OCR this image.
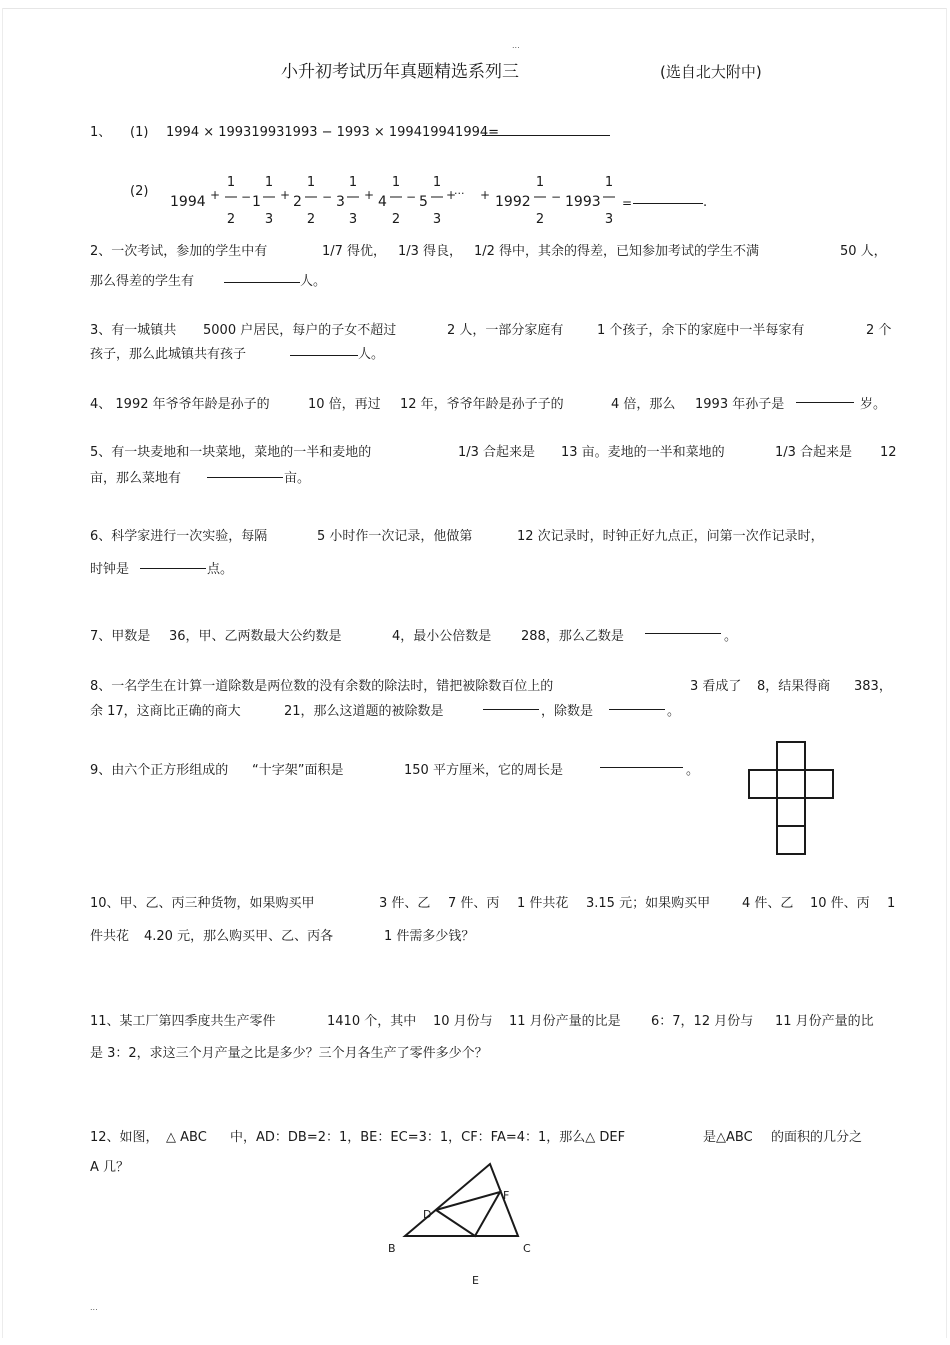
...
小升初考试历年真题精选系列三	(选自北大附中)
1、 (1) 1994 × 199319931993 − 1993 × 199419941994=
(2)
1994
1
2
1
1
3
2
1
2
3
1
3
4
1
2
5
1
3
···
1992
1
2
1993
1
3
=	.
+ − +	−	+	− + +	−
2、一次考试，参加的学生中有	1/7 得优， 1/3 得良， 1/2 得中，其余的得差，已知参加考试的学生不满	50 人，
那么得差的学生有	人。
3、有一城镇共 5000 户居民，每户的子女不超过	2 人，一部分家庭有	1 个孩子，余下的家庭中一半每家有	2 个
孩子，那么此城镇共有孩子	人。
4、 1992 年爷爷年龄是孙子的	10 倍，再过 12 年，爷爷年龄是孙子子的	4 倍，那么 1993 年孙子是	岁。
5、有一块麦地和一块菜地，菜地的一半和麦地的	1/3 合起来是 13 亩。麦地的一半和菜地的	1/3 合起来是 12
亩，那么菜地有	亩。
6、科学家进行一次实验，每隔	5 小时作一次记录，他做第	12 次记录时，时钟正好九点正，问第一次作记录时，
时钟是	点。
7、甲数是 36，甲、乙两数最大公约数是	4，最小公倍数是 288，那么乙数是	。
8、一名学生在计算一道除数是两位数的没有余数的除法时，错把被除数百位上的	3 看成了 8，结果得商 383，
余 17，这商比正确的商大	21，那么这道题的被除数是	，除数是	。
9、由六个正方形组成的 “十字架”面积是	150 平方厘米，它的周长是	。
10、甲、乙、丙三种货物，如果购买甲	3 件、乙 7 件、丙 1 件共花 3.15 元；如果购买甲 4 件、乙 10 件、丙 1
件共花 4.20 元，那么购买甲、乙、丙各	1 件需多少钱？
11、某工厂第四季度共生产零件	1410 个，其中 10 月份与 11 月份产量的比是 6：7，12 月份与 11 月份产量的比
是 3：2，求这三个月产量之比是多少？三个月各生产了零件多少个？
12、如图， △ ABC 中，AD：DB=2：1，BE：EC=3：1，CF：FA=4：1，那么△ DEF	是△ABC 的面积的几分之
A 几？
D
F
B	C
E
...
